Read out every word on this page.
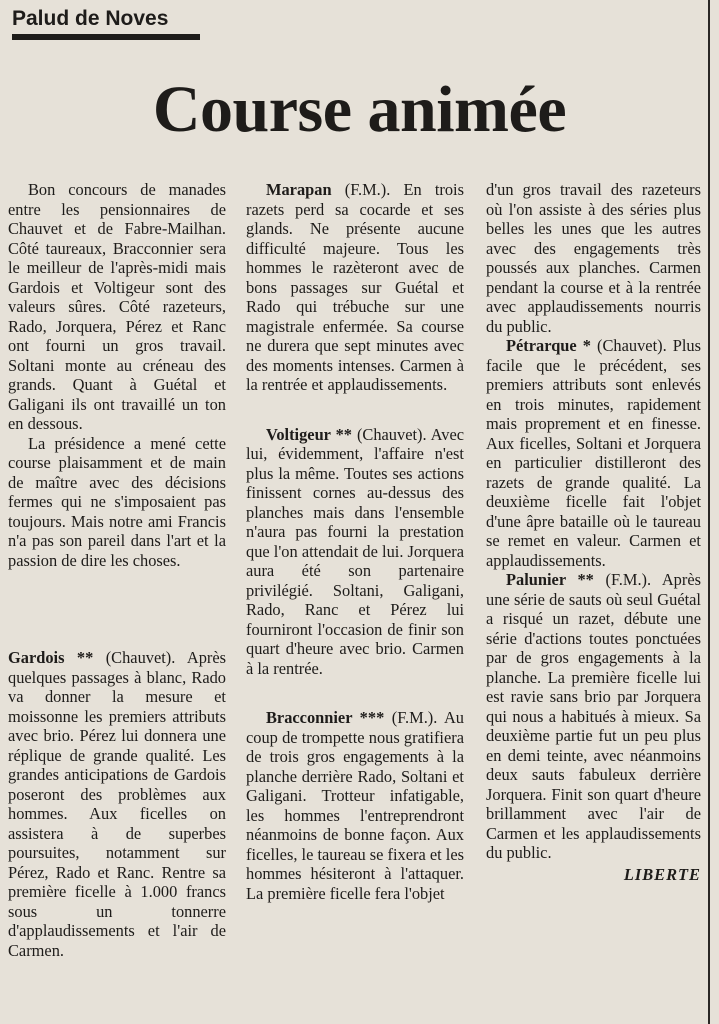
Palud de Noves
Course animée

Bon concours de manades entre les pensionnaires de Chauvet et de Fabre-Mailhan. Côté taureaux, Bracconnier sera le meilleur de l'après-midi mais Gardois et Voltigeur sont des valeurs sûres. Côté razeteurs, Rado, Jorquera, Pérez et Ranc ont fourni un gros travail. Soltani monte au créneau des grands. Quant à Guétal et Galigani ils ont travaillé un ton en dessous.

La présidence a mené cette course plaisamment et de main de maître avec des décisions fermes qui ne s'imposaient pas toujours. Mais notre ami Francis n'a pas son pareil dans l'art et la passion de dire les choses.

Gardois ** (Chauvet). Après quelques passages à blanc, Rado va donner la mesure et moissonne les premiers attributs avec brio. Pérez lui donnera une réplique de grande qualité. Les grandes anticipations de Gardois poseront des problèmes aux hommes. Aux ficelles on assistera à de superbes poursuites, notamment sur Pérez, Rado et Ranc. Rentre sa première ficelle à 1.000 francs sous un tonnerre d'applaudissements et l'air de Carmen.

Marapan (F.M.). En trois razets perd sa cocarde et ses glands. Ne présente aucune difficulté majeure. Tous les hommes le razèteront avec de bons passages sur Guétal et Rado qui trébuche sur une magistrale enfermée. Sa course ne durera que sept minutes avec des moments intenses. Carmen à la rentrée et applaudissements.

Voltigeur ** (Chauvet). Avec lui, évidemment, l'affaire n'est plus la même. Toutes ses actions finissent cornes au-dessus des planches mais dans l'ensemble n'aura pas fourni la prestation que l'on attendait de lui. Jorquera aura été son partenaire privilégié. Soltani, Galigani, Rado, Ranc et Pérez lui fourniront l'occasion de finir son quart d'heure avec brio. Carmen à la rentrée.

Bracconnier *** (F.M.). Au coup de trompette nous gratifiera de trois gros engagements à la planche derrière Rado, Soltani et Galigani. Trotteur infatigable, les hommes l'entreprendront néanmoins de bonne façon. Aux ficelles, le taureau se fixera et les hommes hésiteront à l'attaquer. La première ficelle fera l'objet

d'un gros travail des razeteurs où l'on assiste à des séries plus belles les unes que les autres avec des engagements très poussés aux planches. Carmen pendant la course et à la rentrée avec applaudissements nourris du public.

Pétrarque * (Chauvet). Plus facile que le précédent, ses premiers attributs sont enlevés en trois minutes, rapidement mais proprement et en finesse. Aux ficelles, Soltani et Jorquera en particulier distilleront des razets de grande qualité. La deuxième ficelle fait l'objet d'une âpre bataille où le taureau se remet en valeur. Carmen et applaudissements.

Palunier ** (F.M.). Après une série de sauts où seul Guétal a risqué un razet, débute une série d'actions toutes ponctuées par de gros engagements à la planche. La première ficelle lui est ravie sans brio par Jorquera qui nous a habitués à mieux. Sa deuxième partie fut un peu plus en demi teinte, avec néanmoins deux sauts fabuleux derrière Jorquera. Finit son quart d'heure brillamment avec l'air de Carmen et les applaudissements du public.

LIBERTE
